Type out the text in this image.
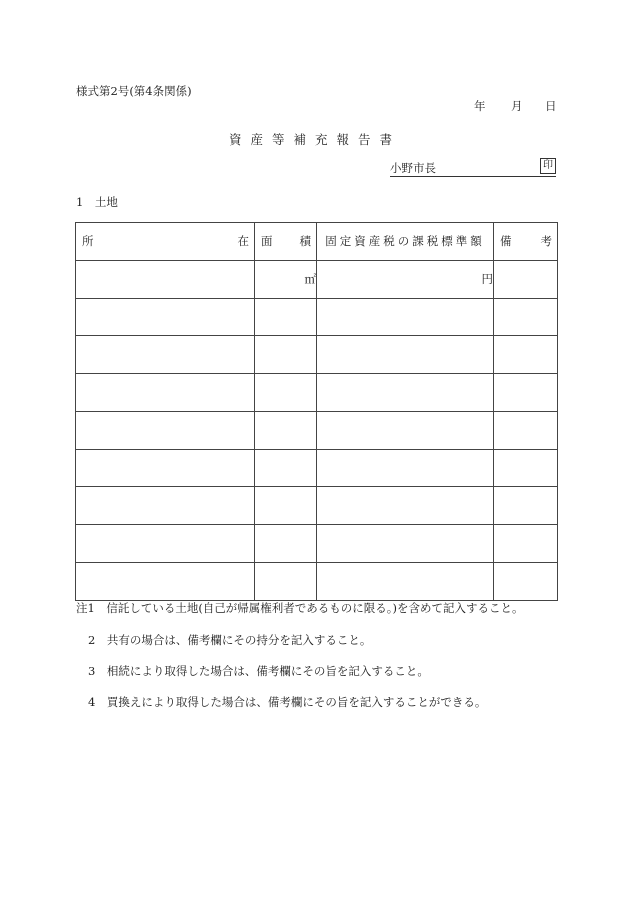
様式第2号(第4条関係)
年 月 日
資産等補充報告書
小野市長	印
1　土地
所 在	面 積	固定資産税の課税標準額	備 考

	㎡	円	

注1　信託している土地(自己が帰属権利者であるものに限る。)を含めて記入すること。
2　共有の場合は、備考欄にその持分を記入すること。
3　相続により取得した場合は、備考欄にその旨を記入すること。
4　買換えにより取得した場合は、備考欄にその旨を記入することができる。
